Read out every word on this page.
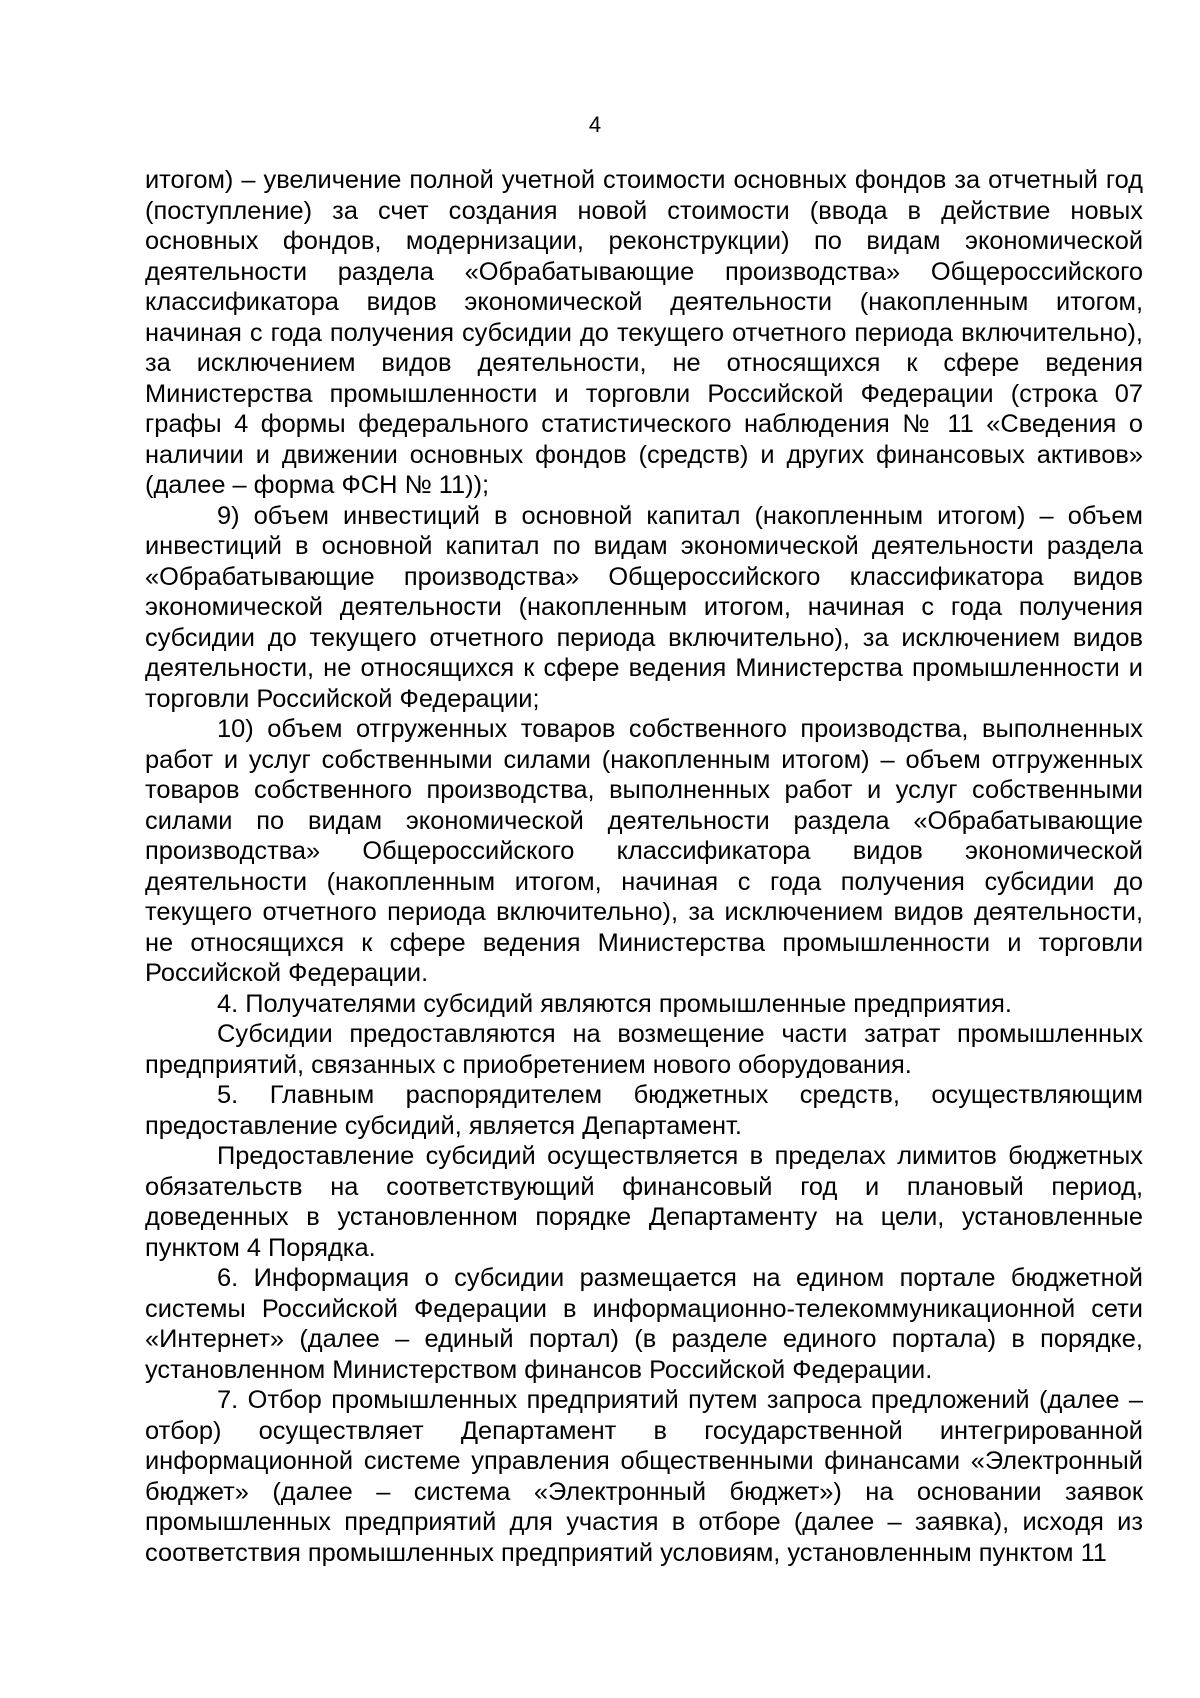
4

итогом) – увеличение полной учетной стоимости основных фондов за отчетный год (поступление) за счет создания новой стоимости (ввода в действие новых основных фондов, модернизации, реконструкции) по видам экономической деятельности раздела «Обрабатывающие производства» Общероссийского классификатора видов экономической деятельности (накопленным итогом, начиная с года получения субсидии до текущего отчетного периода включительно), за исключением видов деятельности, не относящихся к сфере ведения Министерства промышленности и торговли Российской Федерации (строка 07 графы 4 формы федерального статистического наблюдения № 11 «Сведения о наличии и движении основных фондов (средств) и других финансовых активов» (далее – форма ФСН № 11));

9) объем инвестиций в основной капитал (накопленным итогом) – объем инвестиций в основной капитал по видам экономической деятельности раздела «Обрабатывающие производства» Общероссийского классификатора видов экономической деятельности (накопленным итогом, начиная с года получения субсидии до текущего отчетного периода включительно), за исключением видов деятельности, не относящихся к сфере ведения Министерства промышленности и торговли Российской Федерации;

10) объем отгруженных товаров собственного производства, выполненных работ и услуг собственными силами (накопленным итогом) – объем отгруженных товаров собственного производства, выполненных работ и услуг собственными силами по видам экономической деятельности раздела «Обрабатывающие производства» Общероссийского классификатора видов экономической деятельности (накопленным итогом, начиная с года получения субсидии до текущего отчетного периода включительно), за исключением видов деятельности, не относящихся к сфере ведения Министерства промышленности и торговли Российской Федерации.

4. Получателями субсидий являются промышленные предприятия.

Субсидии предоставляются на возмещение части затрат промышленных предприятий, связанных с приобретением нового оборудования.

5. Главным распорядителем бюджетных средств, осуществляющим предоставление субсидий, является Департамент.

Предоставление субсидий осуществляется в пределах лимитов бюджетных обязательств на соответствующий финансовый год и плановый период, доведенных в установленном порядке Департаменту на цели, установленные пунктом 4 Порядка.

6. Информация о субсидии размещается на едином портале бюджетной системы Российской Федерации в информационно-телекоммуникационной сети «Интернет» (далее – единый портал) (в разделе единого портала) в порядке, установленном Министерством финансов Российской Федерации.

7. Отбор промышленных предприятий путем запроса предложений (далее – отбор) осуществляет Департамент в государственной интегрированной информационной системе управления общественными финансами «Электронный бюджет» (далее – система «Электронный бюджет») на основании заявок промышленных предприятий для участия в отборе (далее – заявка), исходя из соответствия промышленных предприятий условиям, установленным пунктом 11
